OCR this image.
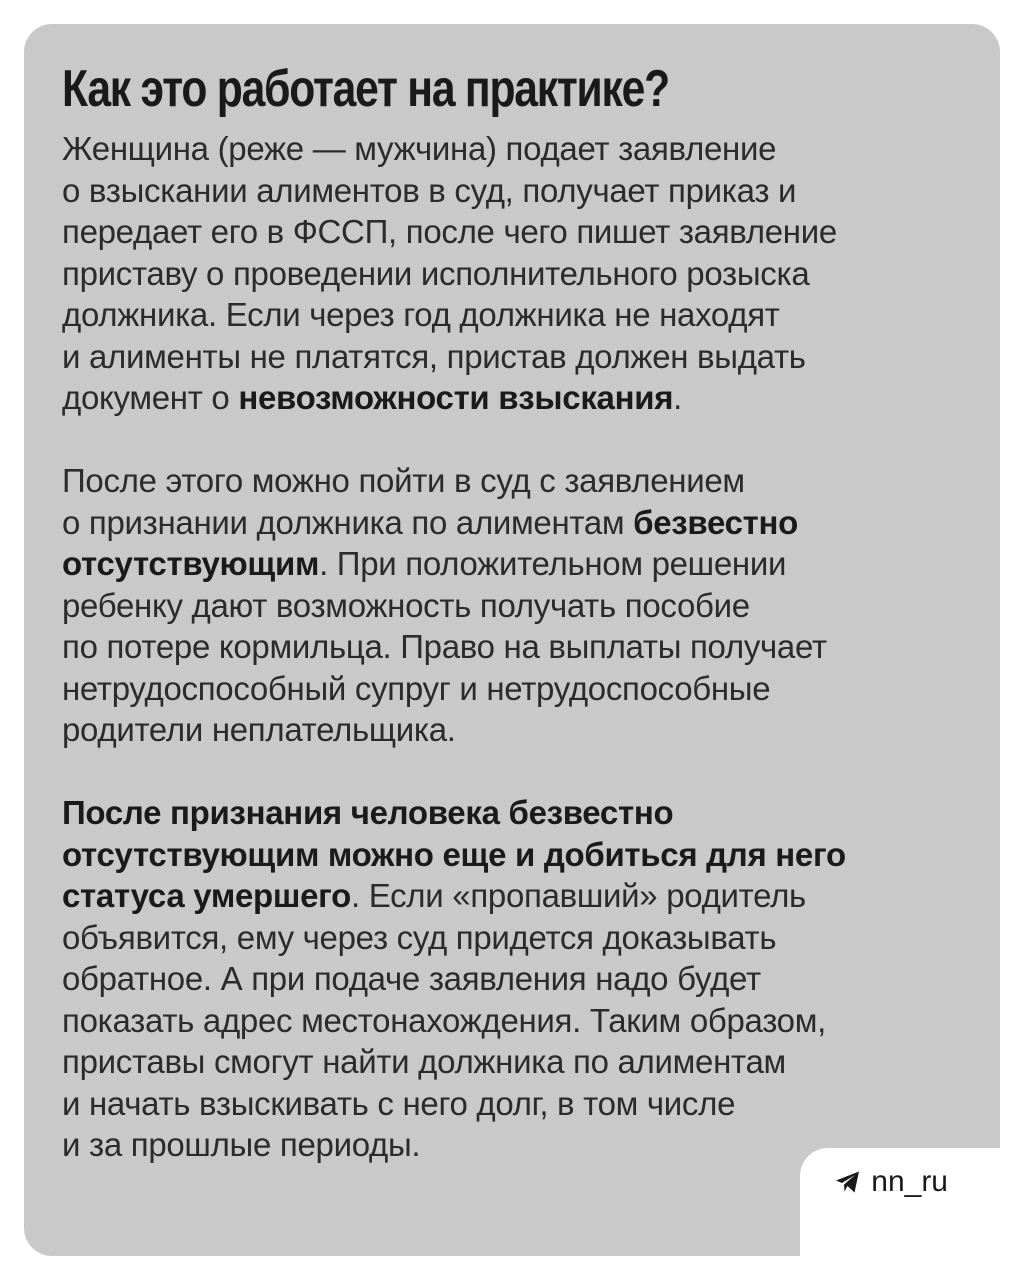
Как это работает на практике?

Женщина (реже — мужчина) подает заявление
о взыскании алиментов в суд, получает приказ и
передает его в ФССП, после чего пишет заявление
приставу о проведении исполнительного розыска
должника. Если через год должника не находят
и алименты не платятся, пристав должен выдать
документ о невозможности взыскания.

После этого можно пойти в суд с заявлением
о признании должника по алиментам безвестно
отсутствующим. При положительном решении
ребенку дают возможность получать пособие
по потере кормильца. Право на выплаты получает
нетрудоспособный супруг и нетрудоспособные
родители неплательщика.

После признания человека безвестно
отсутствующим можно еще и добиться для него
статуса умершего. Если «пропавший» родитель
объявится, ему через суд придется доказывать
обратное. А при подаче заявления надо будет
показать адрес местонахождения. Таким образом,
приставы смогут найти должника по алиментам
и начать взыскивать с него долг, в том числе
и за прошлые периоды.

nn_ru
